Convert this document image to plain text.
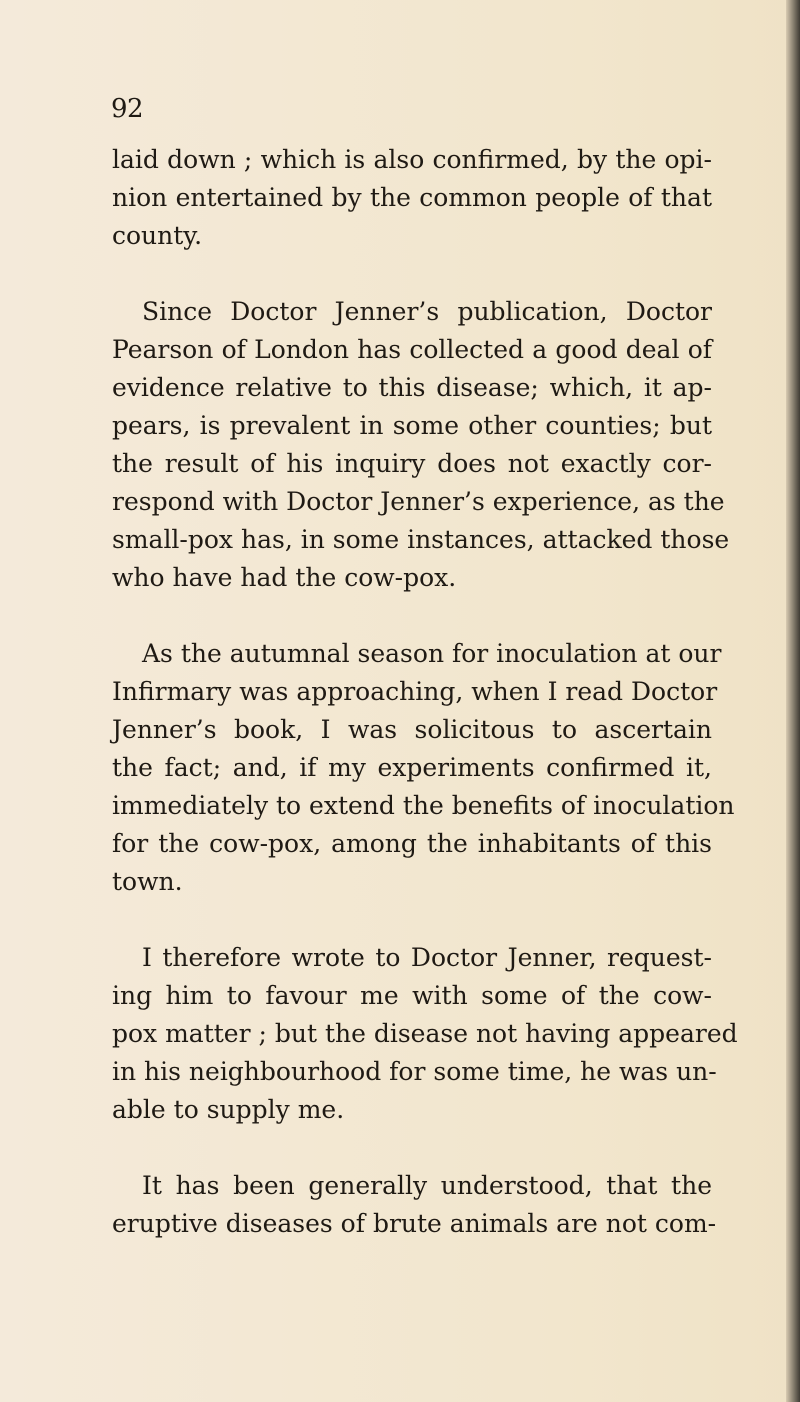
92
laid down ; which is also confirmed, by the opi-
nion entertained by the common people of that
county.
Since Doctor Jenner’s publication, Doctor
Pearson of London has collected a good deal of
evidence relative to this disease; which, it ap-
pears, is prevalent in some other counties; but
the result of his inquiry does not exactly cor-
respond with Doctor Jenner’s experience, as the
small-pox has, in some instances, attacked those
who have had the cow-pox.
As the autumnal season for inoculation at our
Infirmary was approaching, when I read Doctor
Jenner’s book, I was solicitous to ascertain
the fact; and, if my experiments confirmed it,
immediately to extend the benefits of inoculation
for the cow-pox, among the inhabitants of this
town.
I therefore wrote to Doctor Jenner, request-
ing him to favour me with some of the cow-
pox matter ; but the disease not having appeared
in his neighbourhood for some time, he was un-
able to supply me.
It has been generally understood, that the
eruptive diseases of brute animals are not com-
